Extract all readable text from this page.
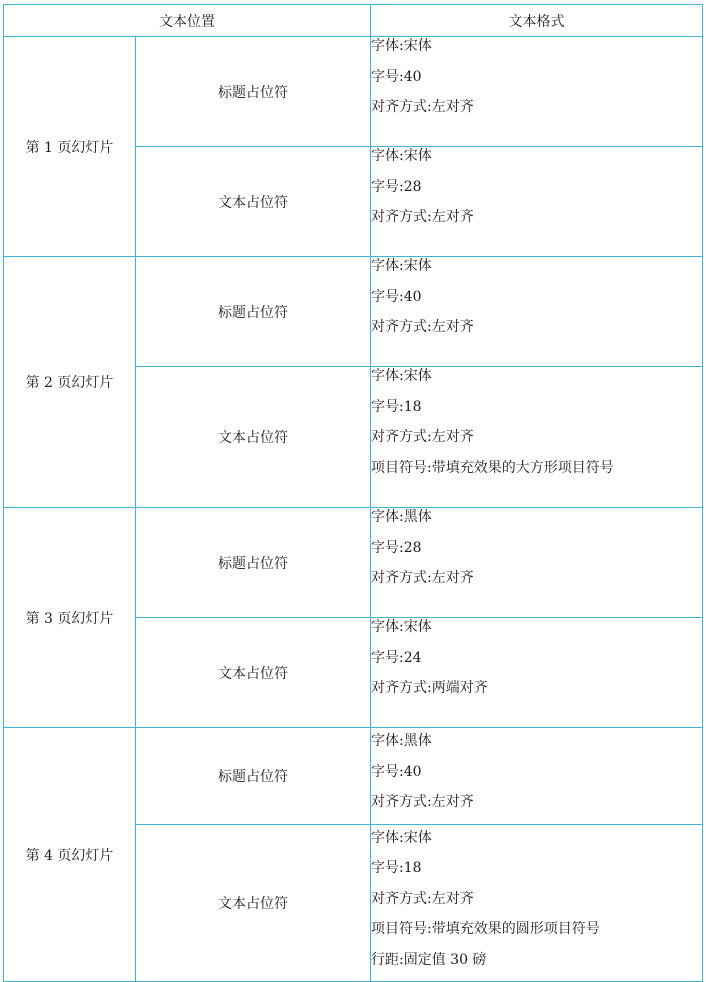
文本位置		文本格式
第 1 页幻灯片	标题占位符	字体:宋体
字号:40
对齐方式:左对齐

	文本占位符	字体:宋体
字号:28
对齐方式:左对齐

第 2 页幻灯片	标题占位符	字体:宋体
字号:40
对齐方式:左对齐

	文本占位符	字体:宋体
字号:18
对齐方式:左对齐
项目符号:带填充效果的大方形项目符号

第 3 页幻灯片	标题占位符	字体:黑体
字号:28
对齐方式:左对齐

	文本占位符	字体:宋体
字号:24
对齐方式:两端对齐

第 4 页幻灯片	标题占位符	字体:黑体
字号:40
对齐方式:左对齐

	文本占位符	字体:宋体
字号:18
对齐方式:左对齐
项目符号:带填充效果的圆形项目符号
行距:固定值 30 磅
